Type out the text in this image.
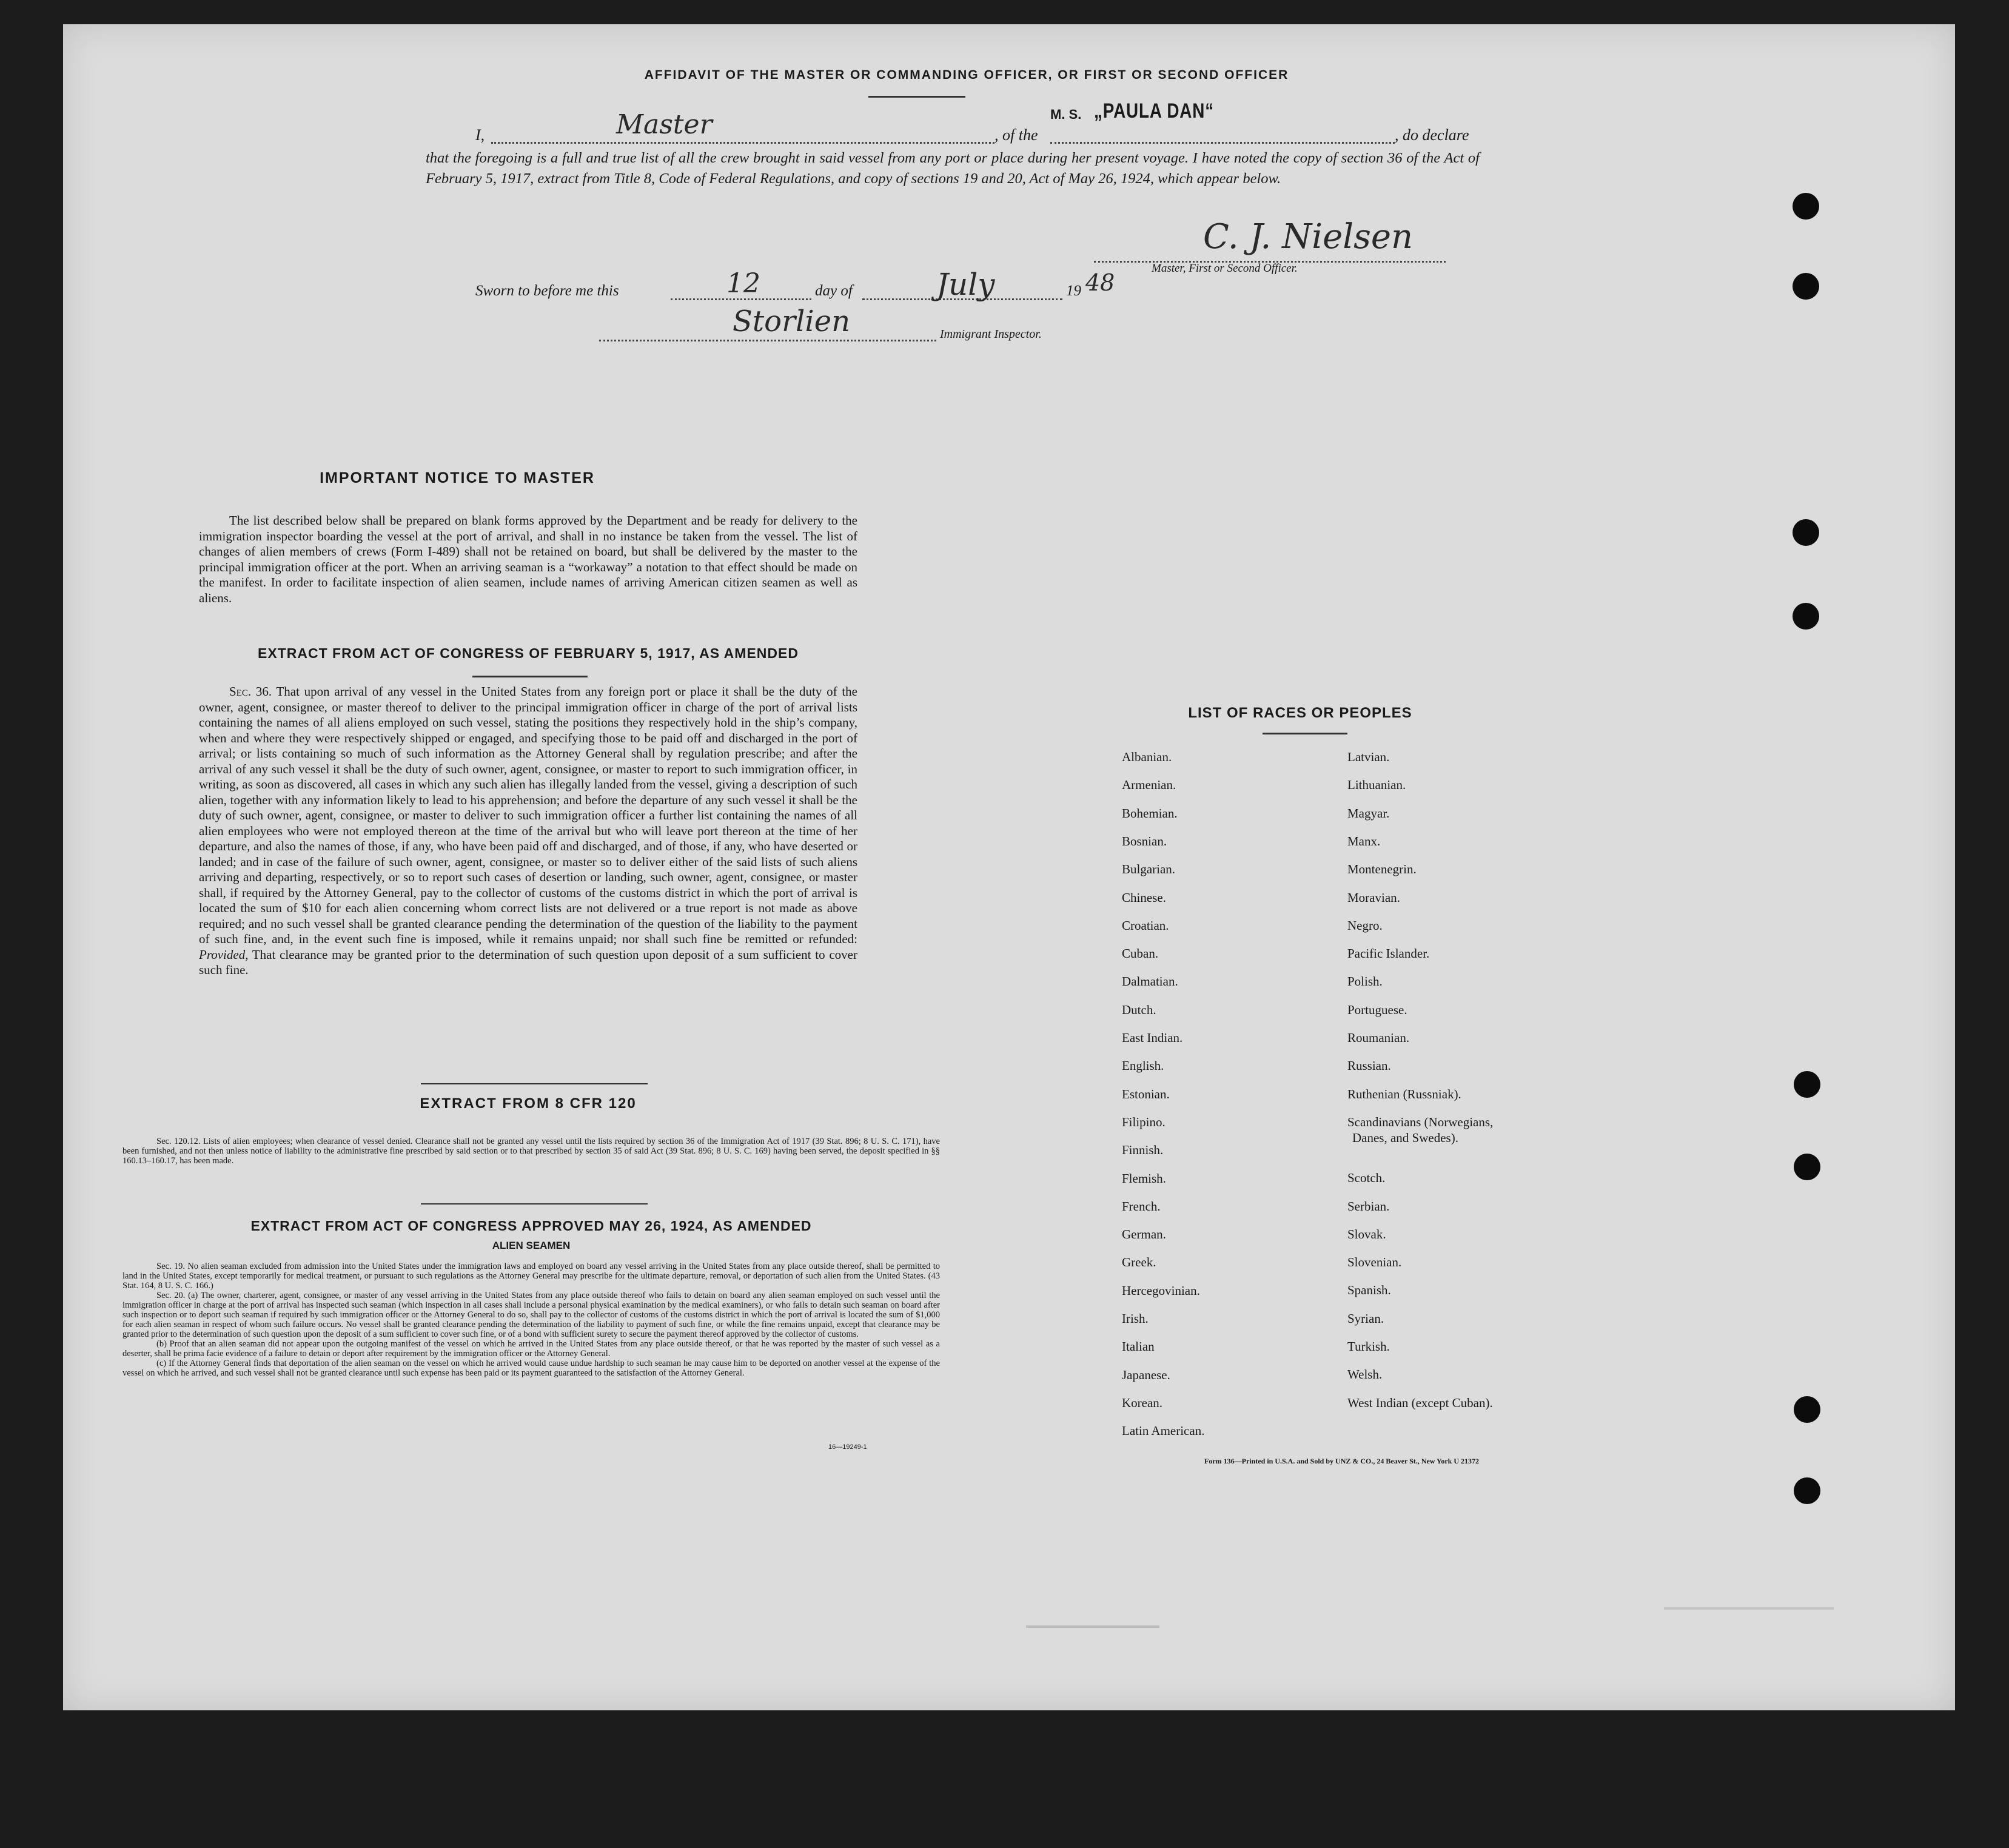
AFFIDAVIT OF THE MASTER OR COMMANDING OFFICER, OR FIRST OR SECOND OFFICER
I,	Master	, of the
M. S. „PAULA DAN“
, do declare
that the foregoing is a full and true list of all the crew brought in said vessel from any port or place during her present voyage. I have noted the copy of section 36 of the Act of February 5, 1917, extract from Title 8, Code of Federal Regulations, and copy of sections 19 and 20, Act of May 26, 1924, which appear below.
C. J. Nielsen
Master, First or Second Officer.
Sworn to before me this	12	day of	July	19 48
Storlien	Immigrant Inspector.
IMPORTANT NOTICE TO MASTER
The list described below shall be prepared on blank forms approved by the Department and be ready for delivery to the immigration inspector boarding the vessel at the port of arrival, and shall in no instance be taken from the vessel. The list of changes of alien members of crews (Form I-489) shall not be retained on board, but shall be delivered by the master to the principal immigration officer at the port. When an arriving seaman is a “workaway” a notation to that effect should be made on the manifest. In order to facilitate inspection of alien seamen, include names of arriving American citizen seamen as well as aliens.
EXTRACT FROM ACT OF CONGRESS OF FEBRUARY 5, 1917, AS AMENDED
Sec. 36. That upon arrival of any vessel in the United States from any foreign port or place it shall be the duty of the owner, agent, consignee, or master thereof to deliver to the principal immigration officer in charge of the port of arrival lists containing the names of all aliens employed on such vessel, stating the positions they respectively hold in the ship’s company, when and where they were respectively shipped or engaged, and specifying those to be paid off and discharged in the port of arrival; or lists containing so much of such information as the Attorney General shall by regulation prescribe; and after the arrival of any such vessel it shall be the duty of such owner, agent, consignee, or master to report to such immigration officer, in writing, as soon as discovered, all cases in which any such alien has illegally landed from the vessel, giving a description of such alien, together with any information likely to lead to his apprehension; and before the departure of any such vessel it shall be the duty of such owner, agent, consignee, or master to deliver to such immigration officer a further list containing the names of all alien employees who were not employed thereon at the time of the arrival but who will leave port thereon at the time of her departure, and also the names of those, if any, who have been paid off and discharged, and of those, if any, who have deserted or landed; and in case of the failure of such owner, agent, consignee, or master so to deliver either of the said lists of such aliens arriving and departing, respectively, or so to report such cases of desertion or landing, such owner, agent, consignee, or master shall, if required by the Attorney General, pay to the collector of customs of the customs district in which the port of arrival is located the sum of $10 for each alien concerning whom correct lists are not delivered or a true report is not made as above required; and no such vessel shall be granted clearance pending the determination of the question of the liability to the payment of such fine, and, in the event such fine is imposed, while it remains unpaid; nor shall such fine be remitted or refunded: Provided, That clearance may be granted prior to the determination of such question upon deposit of a sum sufficient to cover such fine.
EXTRACT FROM 8 CFR 120
Sec. 120.12. Lists of alien employees; when clearance of vessel denied. Clearance shall not be granted any vessel until the lists required by section 36 of the Immigration Act of 1917 (39 Stat. 896; 8 U. S. C. 171), have been furnished, and not then unless notice of liability to the administrative fine prescribed by said section or to that prescribed by section 35 of said Act (39 Stat. 896; 8 U. S. C. 169) having been served, the deposit specified in §§ 160.13–160.17, has been made.
EXTRACT FROM ACT OF CONGRESS APPROVED MAY 26, 1924, AS AMENDED
ALIEN SEAMEN
Sec. 19. No alien seaman excluded from admission into the United States under the immigration laws and employed on board any vessel arriving in the United States from any place outside thereof, shall be permitted to land in the United States, except temporarily for medical treatment, or pursuant to such regulations as the Attorney General may prescribe for the ultimate departure, removal, or deportation of such alien from the United States. (43 Stat. 164, 8 U. S. C. 166.)
Sec. 20. (a) The owner, charterer, agent, consignee, or master of any vessel arriving in the United States from any place outside thereof who fails to detain on board any alien seaman employed on such vessel until the immigration officer in charge at the port of arrival has inspected such seaman (which inspection in all cases shall include a personal physical examination by the medical examiners), or who fails to detain such seaman on board after such inspection or to deport such seaman if required by such immigration officer or the Attorney General to do so, shall pay to the collector of customs of the customs district in which the port of arrival is located the sum of $1,000 for each alien seaman in respect of whom such failure occurs. No vessel shall be granted clearance pending the determination of the liability to payment of such fine, or while the fine remains unpaid, except that clearance may be granted prior to the determination of such question upon the deposit of a sum sufficient to cover such fine, or of a bond with sufficient surety to secure the payment thereof approved by the collector of customs.
(b) Proof that an alien seaman did not appear upon the outgoing manifest of the vessel on which he arrived in the United States from any place outside thereof, or that he was reported by the master of such vessel as a deserter, shall be prima facie evidence of a failure to detain or deport after requirement by the immigration officer or the Attorney General.
(c) If the Attorney General finds that deportation of the alien seaman on the vessel on which he arrived would cause undue hardship to such seaman he may cause him to be deported on another vessel at the expense of the vessel on which he arrived, and such vessel shall not be granted clearance until such expense has been paid or its payment guaranteed to the satisfaction of the Attorney General.
16—19249-1
LIST OF RACES OR PEOPLES
Albanian.
Armenian.
Bohemian.
Bosnian.
Bulgarian.
Chinese.
Croatian.
Cuban.
Dalmatian.
Dutch.
East Indian.
English.
Estonian.
Filipino.
Finnish.
Flemish.
French.
German.
Greek.
Hercegovinian.
Irish.
Italian
Japanese.
Korean.
Latin American.
Latvian.
Lithuanian.
Magyar.
Manx.
Montenegrin.
Moravian.
Negro.
Pacific Islander.
Polish.
Portuguese.
Roumanian.
Russian.
Ruthenian (Russniak).
Scandinavians (Norwegians,
Danes, and Swedes).
Scotch.
Serbian.
Slovak.
Slovenian.
Spanish.
Syrian.
Turkish.
Welsh.
West Indian (except Cuban).
Form 136—Printed in U.S.A. and Sold by UNZ & CO., 24 Beaver St., New York U 21372
